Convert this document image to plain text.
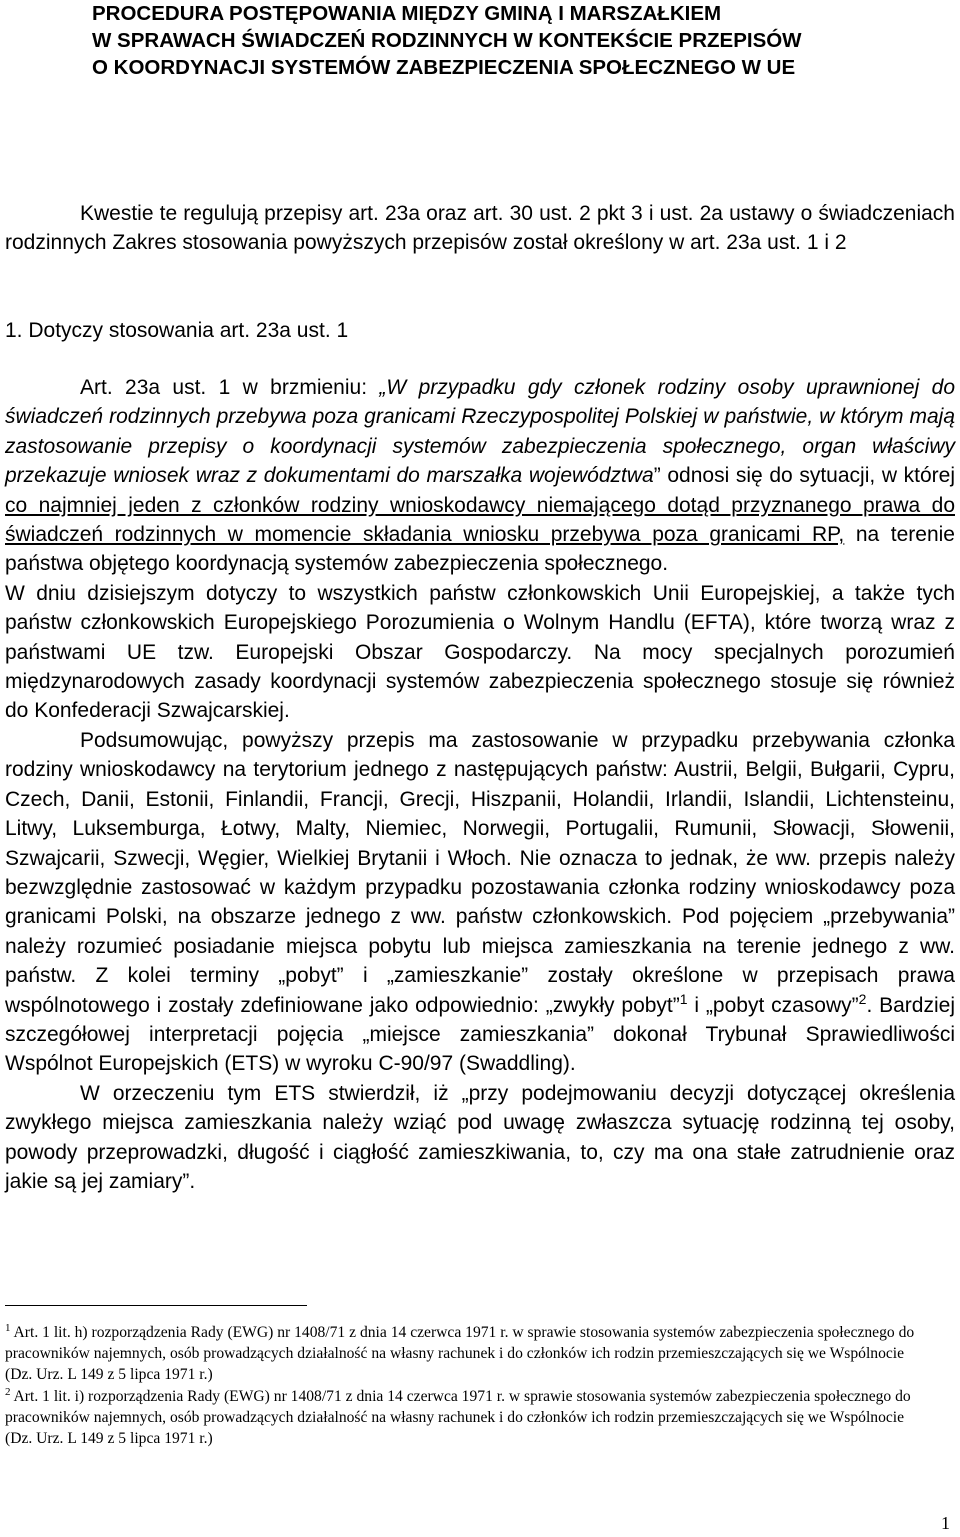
PROCEDURA POSTĘPOWANIA MIĘDZY GMINĄ I MARSZAŁKIEM
W SPRAWACH ŚWIADCZEŃ RODZINNYCH W KONTEKŚCIE PRZEPISÓW
O KOORDYNACJI SYSTEMÓW ZABEZPIECZENIA SPOŁECZNEGO W UE

Kwestie te regulują przepisy art. 23a oraz art. 30 ust. 2 pkt 3 i ust. 2a ustawy o świadczeniach rodzinnych Zakres stosowania powyższych przepisów został określony w art. 23a ust. 1 i 2

1. Dotyczy stosowania art. 23a ust. 1

Art. 23a ust. 1 w brzmieniu: „W przypadku gdy członek rodziny osoby uprawnionej do świadczeń rodzinnych przebywa poza granicami Rzeczypospolitej Polskiej w państwie, w którym mają zastosowanie przepisy o koordynacji systemów zabezpieczenia społecznego, organ właściwy przekazuje wniosek wraz z dokumentami do marszałka województwa” odnosi się do sytuacji, w której co najmniej jeden z członków rodziny wnioskodawcy niemającego dotąd przyznanego prawa do świadczeń rodzinnych w momencie składania wniosku przebywa poza granicami RP, na terenie państwa objętego koordynacją systemów zabezpieczenia społecznego.

W dniu dzisiejszym dotyczy to wszystkich państw członkowskich Unii Europejskiej, a także tych państw członkowskich Europejskiego Porozumienia o Wolnym Handlu (EFTA), które tworzą wraz z państwami UE tzw. Europejski Obszar Gospodarczy. Na mocy specjalnych porozumień międzynarodowych zasady koordynacji systemów zabezpieczenia społecznego stosuje się również do Konfederacji Szwajcarskiej.

Podsumowując, powyższy przepis ma zastosowanie w przypadku przebywania członka rodziny wnioskodawcy na terytorium jednego z następujących państw: Austrii, Belgii, Bułgarii, Cypru, Czech, Danii, Estonii, Finlandii, Francji, Grecji, Hiszpanii, Holandii, Irlandii, Islandii, Lichtensteinu, Litwy, Luksemburga, Łotwy, Malty, Niemiec, Norwegii, Portugalii, Rumunii, Słowacji, Słowenii, Szwajcarii, Szwecji, Węgier, Wielkiej Brytanii i Włoch. Nie oznacza to jednak, że ww. przepis należy bezwzględnie zastosować w każdym przypadku pozostawania członka rodziny wnioskodawcy poza granicami Polski, na obszarze jednego z ww. państw członkowskich. Pod pojęciem „przebywania” należy rozumieć posiadanie miejsca pobytu lub miejsca zamieszkania na terenie jednego z ww. państw. Z kolei terminy „pobyt” i „zamieszkanie” zostały określone w przepisach prawa wspólnotowego i zostały zdefiniowane jako odpowiednio: „zwykły pobyt”$^1$ i „pobyt czasowy”$^2$. Bardziej szczegółowej interpretacji pojęcia „miejsce zamieszkania” dokonał Trybunał Sprawiedliwości Wspólnot Europejskich (ETS) w wyroku C-90/97 (Swaddling).

W orzeczeniu tym ETS stwierdził, iż „przy podejmowaniu decyzji dotyczącej określenia zwykłego miejsca zamieszkania należy wziąć pod uwagę zwłaszcza sytuację rodzinną tej osoby, powody przeprowadzki, długość i ciągłość zamieszkiwania, to, czy ma ona stałe zatrudnienie oraz jakie są jej zamiary”.

$^1$ Art. 1 lit. h) rozporządzenia Rady (EWG) nr 1408/71 z dnia 14 czerwca 1971 r. w sprawie stosowania systemów zabezpieczenia społecznego do pracowników najemnych, osób prowadzących działalność na własny rachunek i do członków ich rodzin przemieszczających się we Wspólnocie (Dz. Urz. L 149 z 5 lipca 1971 r.)

$^2$ Art. 1 lit. i) rozporządzenia Rady (EWG) nr 1408/71 z dnia 14 czerwca 1971 r. w sprawie stosowania systemów zabezpieczenia społecznego do pracowników najemnych, osób prowadzących działalność na własny rachunek i do członków ich rodzin przemieszczających się we Wspólnocie (Dz. Urz. L 149 z 5 lipca 1971 r.)

1
